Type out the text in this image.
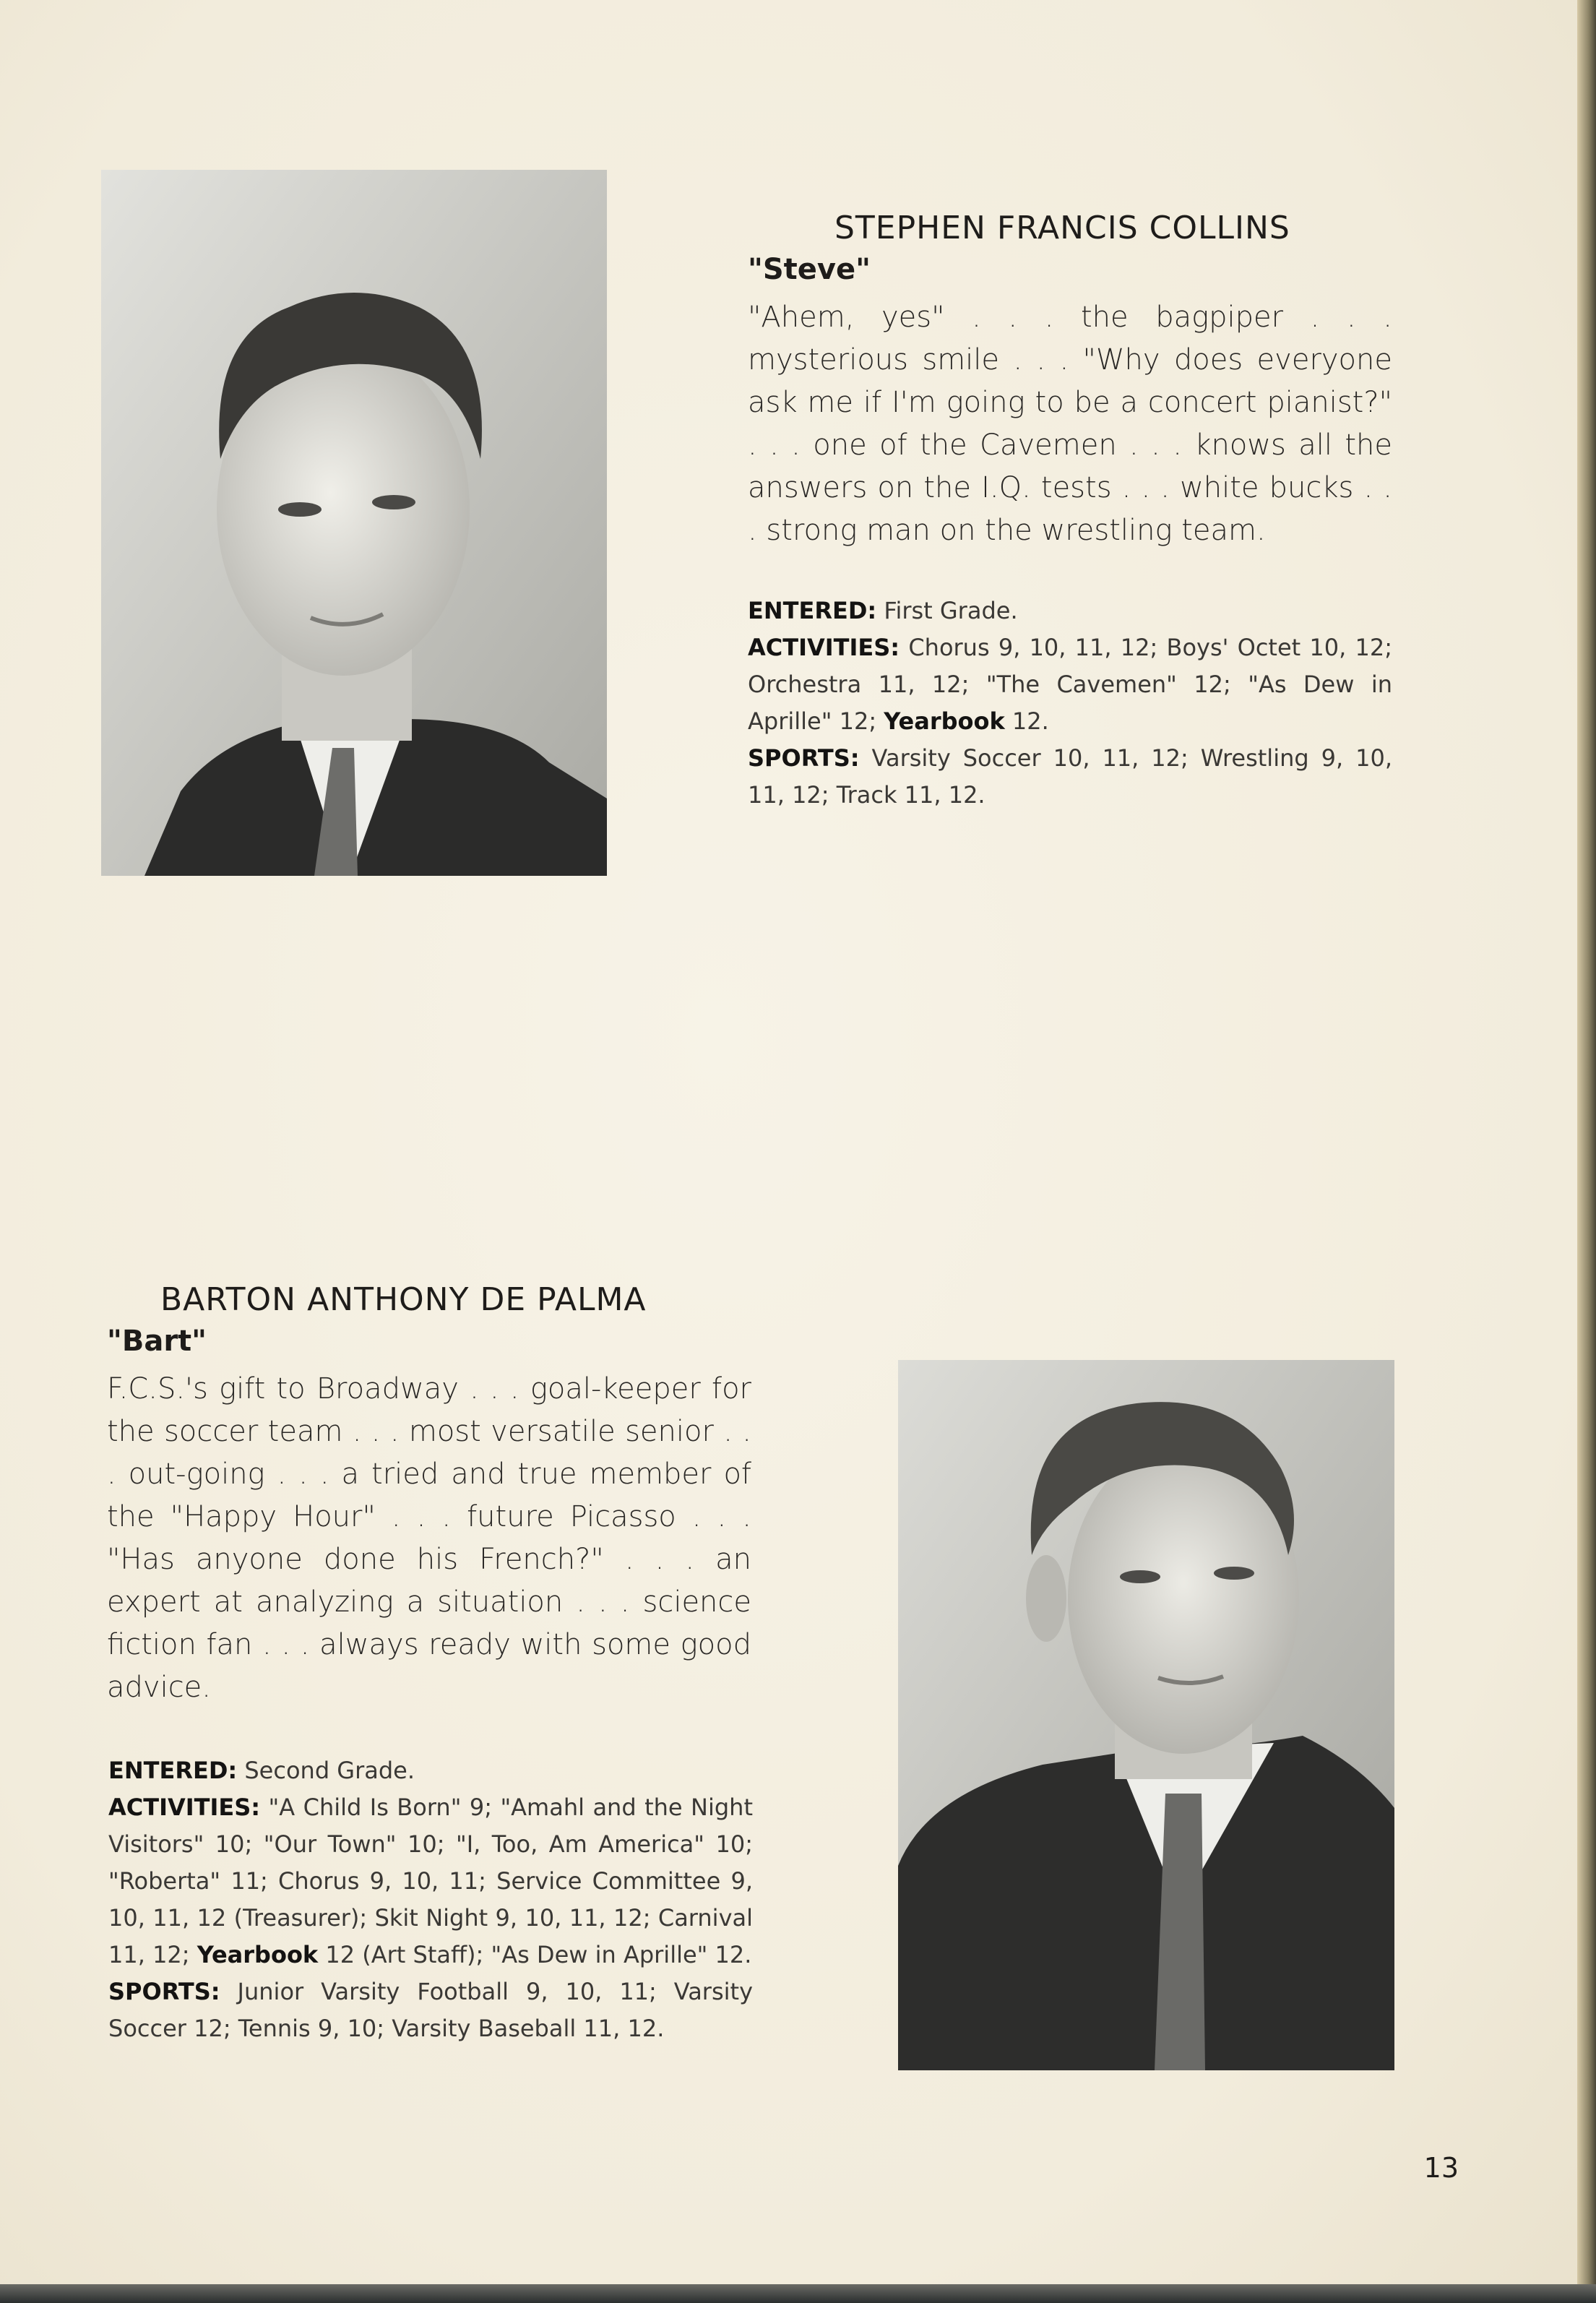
STEPHEN FRANCIS COLLINS

"Steve"

"Ahem, yes" . . . the bagpiper . . . mysterious smile . . . "Why does everyone ask me if I'm going to be a concert pianist?" . . . one of the Cavemen . . . knows all the answers on the I.Q. tests . . . white bucks . . . strong man on the wrestling team.

ENTERED: First Grade.
ACTIVITIES: Chorus 9, 10, 11, 12; Boys' Octet 10, 12; Orchestra 11, 12; "The Cavemen" 12; "As Dew in Aprille" 12; Yearbook 12.
SPORTS: Varsity Soccer 10, 11, 12; Wrestling 9, 10, 11, 12; Track 11, 12.

BARTON ANTHONY DE PALMA

"Bart"

F.C.S.'s gift to Broadway . . . goal-keeper for the soccer team . . . most versatile senior . . . out-going . . . a tried and true member of the "Happy Hour" . . . future Picasso . . . "Has anyone done his French?" . . . an expert at analyzing a situation . . . science fiction fan . . . always ready with some good advice.

ENTERED: Second Grade.
ACTIVITIES: "A Child Is Born" 9; "Amahl and the Night Visitors" 10; "Our Town" 10; "I, Too, Am America" 10; "Roberta" 11; Chorus 9, 10, 11; Service Committee 9, 10, 11, 12 (Treasurer); Skit Night 9, 10, 11, 12; Carnival 11, 12; Yearbook 12 (Art Staff); "As Dew in Aprille" 12.
SPORTS: Junior Varsity Football 9, 10, 11; Varsity Soccer 12; Tennis 9, 10; Varsity Baseball 11, 12.

13
